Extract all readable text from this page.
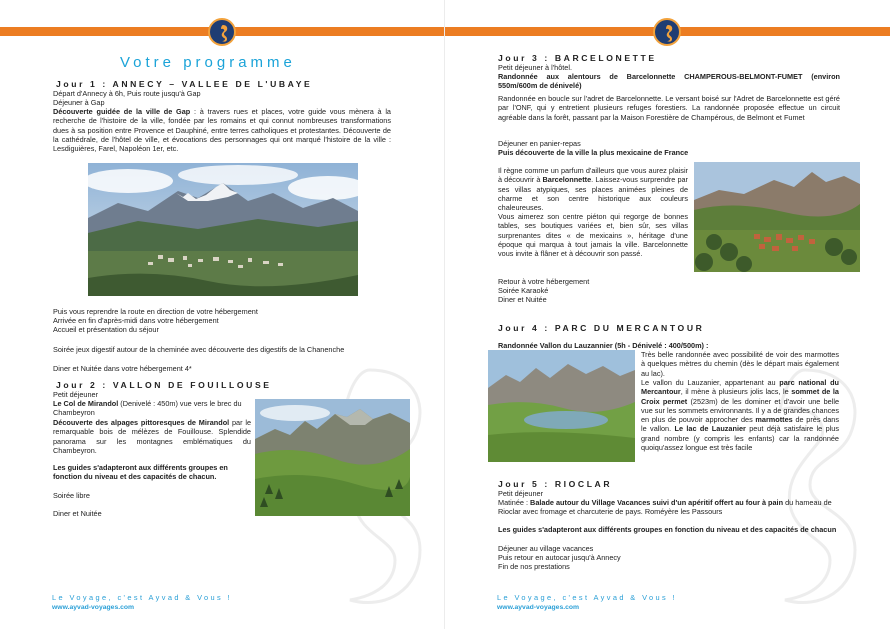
Votre programme
Jour 1 : ANNECY – VALLEE DE L'UBAYE
Départ d'Annecy à 6h, Puis route jusqu'à Gap
Déjeuner à Gap
Découverte guidée de la ville de Gap : à travers rues et places, votre guide vous mènera à la recherche de l'histoire de la ville, fondée par les romains et qui connut nombreuses transformations dues à sa position entre Provence et Dauphiné, entre terres catholiques et protestantes. Découverte de la cathédrale, de l'hôtel de ville, et évocations des personnages qui ont marqué l'histoire de la ville : Lesdiguières, Farel, Napoléon 1er, etc.
Puis vous reprendre la route en direction de votre hébergement
Arrivée en fin d'après-midi dans votre hébergement
Accueil et présentation du séjour
Soirée jeux digestif autour de la cheminée avec découverte des digestifs de la Chanenche
Diner et Nuitée dans votre hébergement 4*
Jour 2 : VALLON DE FOUILLOUSE
Petit déjeuner
Le Col de Mirandol (Denivelé : 450m) vue vers le brec du Chambeyron
Découverte des alpages pittoresques de Mirandol par le remarquable bois de mélèzes de Fouillouse. Splendide panorama sur les montagnes emblématiques du Chambeyron.
Les guides s'adapteront aux différents groupes en fonction du niveau et des capacités de chacun.
Soirée libre
Diner et Nuitée
Le Voyage, c'est Ayvad & Vous !
www.ayvad-voyages.com
Jour 3 : BARCELONETTE
Petit déjeuner à l'hôtel.
Randonnée aux alentours de Barcelonnette CHAMPEROUS-BELMONT-FUMET (environ 550m/600m de dénivelé)
Randonnée en boucle sur l'adret de Barcelonnette. Le versant boisé sur l'Adret de Barcelonnette est géré par l'ONF, qui y entretient plusieurs refuges forestiers. La randonnée proposée effectue un circuit agréable dans la forêt, passant par la Maison Forestière de Champérous, de Belmont et Fumet
Déjeuner en panier-repas
Puis découverte de la ville la plus mexicaine de France
Il règne comme un parfum d'ailleurs que vous aurez plaisir à découvrir à Barcelonnette. Laissez-vous surprendre par ses villas atypiques, ses places animées pleines de charme et son centre historique aux couleurs chaleureuses.
Vous aimerez son centre piéton qui regorge de bonnes tables, ses boutiques variées et, bien sûr, ses villas surprenantes dites « de mexicains », héritage d'une époque qui marqua à tout jamais la ville. Barcelonnette vous invite à flâner et à découvrir son passé.
Retour à votre hébergement
Soirée Karaoké
Diner et Nuitée
Jour 4 : PARC DU MERCANTOUR
Randonnée Vallon du Lauzannier (5h - Dénivelé : 400/500m) :
Très belle randonnée avec possibilité de voir des marmottes à quelques mètres du chemin (dès le départ mais également au lac).
Le vallon du Lauzanier, appartenant au parc national du Mercantour, il mène à plusieurs jolis lacs, le sommet de la Croix permet (2523m) de les dominer et d'avoir une belle vue sur les sommets environnants. Il y a de grandes chances en plus de pouvoir approcher des marmottes de près dans le vallon. Le lac de Lauzanier peut déjà satisfaire le plus grand nombre (y compris les enfants) car la randonnée quoiqu'assez longue est très facile
Jour 5 : RIOCLAR
Petit déjeuner
Matinée : Balade autour du Village Vacances suivi d'un apéritif offert au four à pain du hameau de Rioclar avec fromage et charcuterie de pays. Roméyère les Passours
Les guides s'adapteront aux différents groupes en fonction du niveau et des capacités de chacun
Déjeuner au village vacances
Puis retour en autocar jusqu'à Annecy
Fin de nos prestations
Le Voyage, c'est Ayvad & Vous !
www.ayvad-voyages.com
